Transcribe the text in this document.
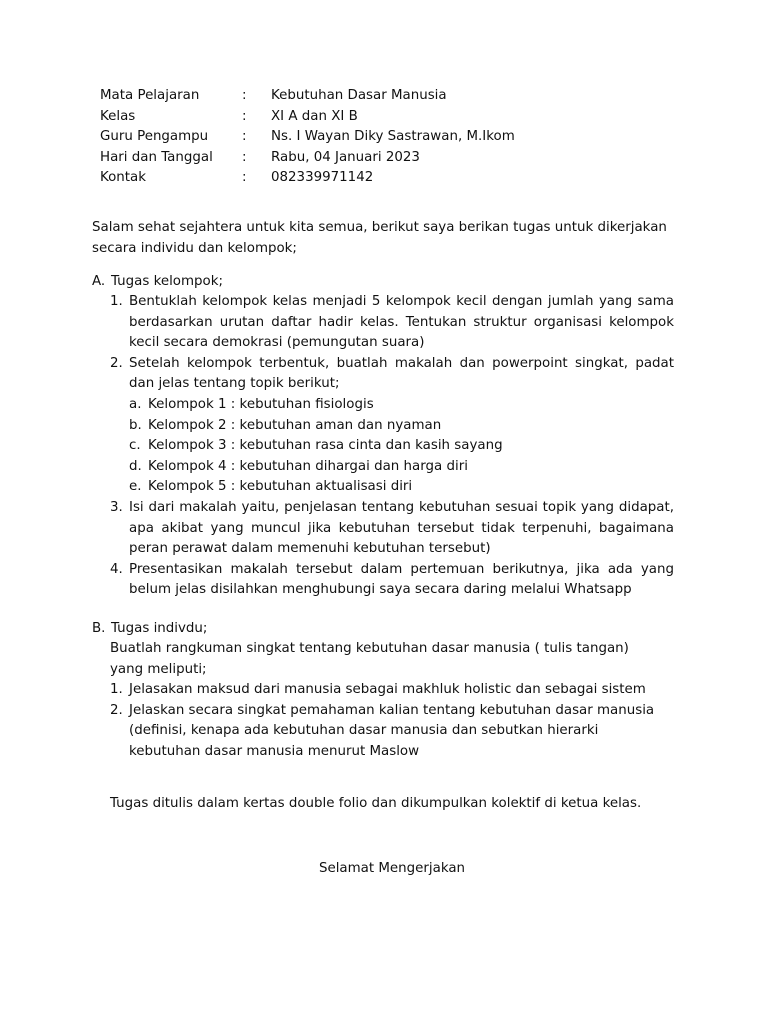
Mata Pelajaran	:	Kebutuhan Dasar Manusia
Kelas	:	XI A dan XI B
Guru Pengampu	:	Ns. I Wayan Diky Sastrawan, M.Ikom
Hari dan Tanggal	:	Rabu, 04 Januari 2023
Kontak	:	082339971142
Salam sehat sejahtera untuk kita semua, berikut saya berikan tugas untuk dikerjakan secara individu dan kelompok;
A. Tugas kelompok;
1. Bentuklah kelompok kelas menjadi 5 kelompok kecil dengan jumlah yang sama berdasarkan urutan daftar hadir kelas. Tentukan struktur organisasi kelompok kecil secara demokrasi (pemungutan suara)
2. Setelah kelompok terbentuk, buatlah makalah dan powerpoint singkat, padat dan jelas tentang topik berikut;
a. Kelompok 1 : kebutuhan fisiologis
b. Kelompok 2 : kebutuhan aman dan nyaman
c. Kelompok 3 : kebutuhan rasa cinta dan kasih sayang
d. Kelompok 4 : kebutuhan dihargai dan harga diri
e. Kelompok 5 : kebutuhan aktualisasi diri
3. Isi dari makalah yaitu, penjelasan tentang kebutuhan sesuai topik yang didapat, apa akibat yang muncul jika kebutuhan tersebut tidak terpenuhi, bagaimana peran perawat dalam memenuhi kebutuhan tersebut)
4. Presentasikan makalah tersebut dalam pertemuan berikutnya, jika ada yang belum jelas disilahkan menghubungi saya secara daring melalui Whatsapp
B. Tugas indivdu;
Buatlah rangkuman singkat tentang kebutuhan dasar manusia ( tulis tangan) yang meliputi;
1. Jelasakan maksud dari manusia sebagai makhluk holistic dan sebagai sistem
2. Jelaskan secara singkat pemahaman kalian tentang kebutuhan dasar manusia (definisi, kenapa ada kebutuhan dasar manusia dan sebutkan hierarki kebutuhan dasar manusia menurut Maslow
Tugas ditulis dalam kertas double folio dan dikumpulkan kolektif di ketua kelas.
Selamat Mengerjakan
